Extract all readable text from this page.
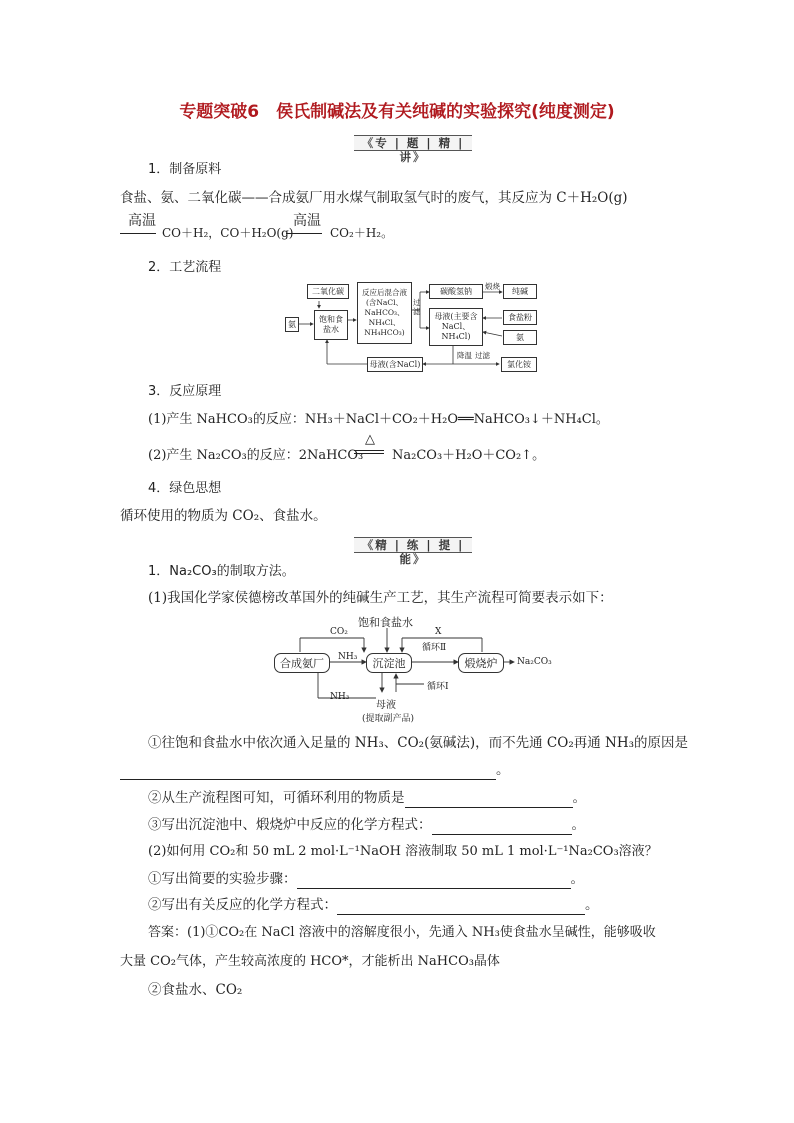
专题突破6　侯氏制碱法及有关纯碱的实验探究(纯度测定)
《专 | 题 | 精 | 讲》
1．制备原料
食盐、氨、二氧化碳——合成氨厂用水煤气制取氢气时的废气，其反应为 C＋H₂O(g)
高温
CO＋H₂，CO＋H₂O(g)
高温
CO₂＋H₂。
2．工艺流程
二氧化碳
氨	饱和食盐水
反应后混合液(含NaCl、NaHCO₃、NH₄Cl、NH₄HCO₃)
过滤
碳酸氢钠	煅烧	纯碱
母液(主要含NaCl、NH₄Cl)
食盐粉
氨
降温 过滤
母液(含NaCl)	氯化铵
3．反应原理
(1)产生 NaHCO₃的反应：NH₃＋NaCl＋CO₂＋H₂O══NaHCO₃↓＋NH₄Cl。
(2)产生 Na₂CO₃的反应：2NaHCO₃
△
Na₂CO₃＋H₂O＋CO₂↑。
4．绿色思想
循环使用的物质为 CO₂、食盐水。
《精 | 练 | 提 | 能》
1．Na₂CO₃的制取方法。
(1)我国化学家侯德榜改革国外的纯碱生产工艺，其生产流程可简要表示如下：
饱和食盐水
CO₂	X
循环Ⅱ
合成氨厂	NH₃	沉淀池	煅烧炉	Na₂CO₃
NH₃
循环Ⅰ
母液
(提取副产品)
①往饱和食盐水中依次通入足量的 NH₃、CO₂(氨碱法)，而不先通 CO₂再通 NH₃的原因是
。
②从生产流程图可知，可循环利用的物质是	。
③写出沉淀池中、煅烧炉中反应的化学方程式：	。
(2)如何用 CO₂和 50 mL 2 mol·L⁻¹NaOH 溶液制取 50 mL 1 mol·L⁻¹Na₂CO₃溶液？
①写出简要的实验步骤：	。
②写出有关反应的化学方程式：	。
答案：(1)①CO₂在 NaCl 溶液中的溶解度很小，先通入 NH₃使食盐水呈碱性，能够吸收
大量 CO₂气体，产生较高浓度的 HCO*，才能析出 NaHCO₃晶体
②食盐水、CO₂
